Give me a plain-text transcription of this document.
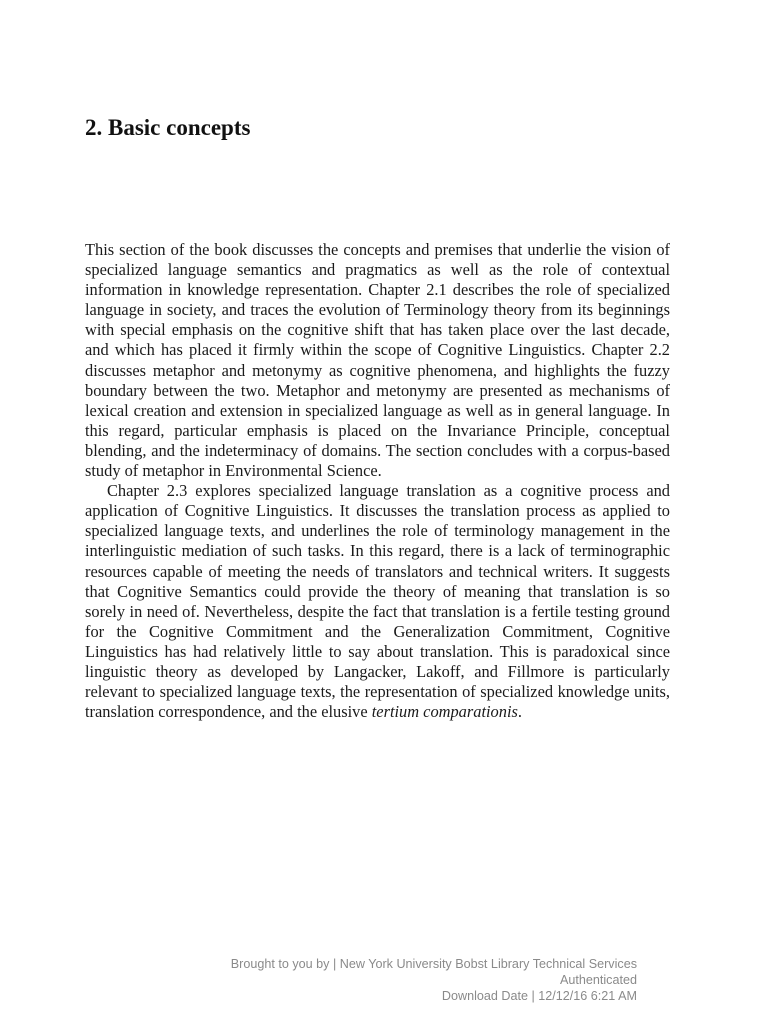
2. Basic concepts

This section of the book discusses the concepts and premises that underlie the vision of specialized language semantics and pragmatics as well as the role of contextual information in knowledge representation. Chapter 2.1 describes the role of specialized language in society, and traces the evolution of Terminology theory from its beginnings with special emphasis on the cognitive shift that has taken place over the last decade, and which has placed it firmly within the scope of Cognitive Linguistics. Chapter 2.2 discusses metaphor and metonymy as cognitive phenomena, and highlights the fuzzy boundary between the two. Metaphor and metonymy are presented as mechanisms of lexical creation and extension in specialized language as well as in general language. In this regard, particular emphasis is placed on the Invariance Principle, conceptual blending, and the indeterminacy of domains. The section concludes with a corpus-based study of metaphor in Environmental Science.

Chapter 2.3 explores specialized language translation as a cognitive process and application of Cognitive Linguistics. It discusses the translation process as applied to specialized language texts, and underlines the role of terminology management in the interlinguistic mediation of such tasks. In this regard, there is a lack of terminographic resources capable of meeting the needs of translators and technical writers. It suggests that Cognitive Semantics could provide the theory of meaning that translation is so sorely in need of. Nevertheless, despite the fact that translation is a fertile testing ground for the Cognitive Commitment and the Generalization Commitment, Cognitive Linguistics has had relatively little to say about translation. This is paradoxical since linguistic theory as developed by Langacker, Lakoff, and Fillmore is particularly relevant to specialized language texts, the representation of specialized knowledge units, translation correspondence, and the elusive tertium comparationis.

Brought to you by | New York University Bobst Library Technical Services
Authenticated
Download Date | 12/12/16 6:21 AM
